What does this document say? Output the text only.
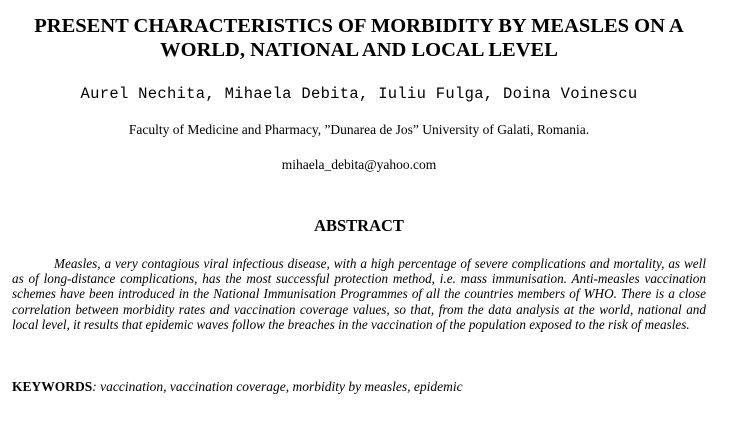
PRESENT CHARACTERISTICS OF MORBIDITY BY MEASLES ON A WORLD, NATIONAL AND LOCAL LEVEL

Aurel Nechita, Mihaela Debita, Iuliu Fulga, Doina Voinescu

Faculty of Medicine and Pharmacy, ”Dunarea de Jos” University of Galati, Romania.

mihaela_debita@yahoo.com

ABSTRACT

Measles, a very contagious viral infectious disease, with a high percentage of severe complications and mortality, as well as of long-distance complications, has the most successful protection method, i.e. mass immunisation. Anti-measles vaccination schemes have been introduced in the National Immunisation Programmes of all the countries members of WHO. There is a close correlation between morbidity rates and vaccination coverage values, so that, from the data analysis at the world, national and local level, it results that epidemic waves follow the breaches in the vaccination of the population exposed to the risk of measles.

KEYWORDS: vaccination, vaccination coverage, morbidity by measles, epidemic
